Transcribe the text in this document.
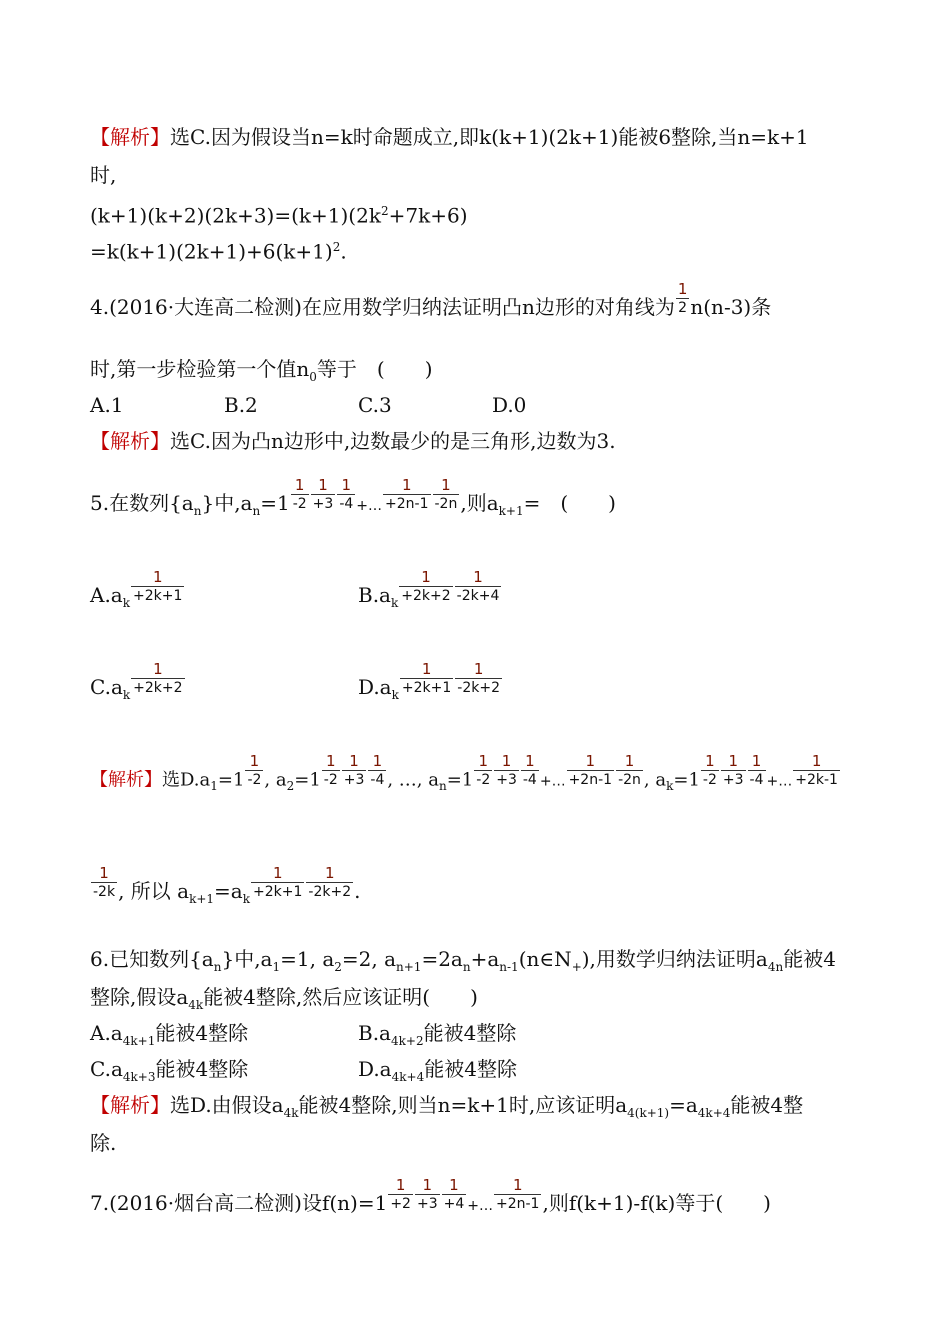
【解析】选C.因为假设当n=k时命题成立,即k(k+1)(2k+1)能被6整除,当n=k+1
时,
$(k+1)(k+2)(2k+3)=(k+1)(2k^2+7k+6)$
$=k(k+1)(2k+1)+6(k+1)^2$.
4.(2016·大连高二检测)在应用数学归纳法证明凸n边形的对角线为 $\frac{1}{2} n(n-3)$条
时,第一步检验第一个值$n_0$等于　(　　)
A.1	B.2	C.3	D.0
【解析】选C.因为凸n边形中,边数最少的是三角形,边数为3.
5.在数列$\{a_n\}$中$,a_n=1 \frac{1}{-2} \frac{1}{+3} \frac{1}{-4}$ +… $\frac{1}{+2n-1} \frac{1}{-2n}$ ,则$a_{k+1}=$　(　　)
$A.a_k \frac{1}{+2k+1}$	$B.a_k \frac{1}{+2k+2} \frac{1}{-2k+4}$
$C.a_k \frac{1}{+2k+2}$	$D.a_k \frac{1}{+2k+1} \frac{1}{-2k+2}$
【解析】选$D.a_1=1 \frac{1}{-2}$ , $a_2=1 \frac{1}{-2} \frac{1}{+3} \frac{1}{-4}$ , …, $a_n=1 \frac{1}{-2} \frac{1}{+3} \frac{1}{-4}$ +… $\frac{1}{+2n-1} \frac{1}{-2n}$ , $a_k=1 \frac{1}{-2} \frac{1}{+3} \frac{1}{-4}$ +… $\frac{1}{+2k-1}$
$\frac{1}{-2k}$ , 所以 $a_{k+1}=a_k \frac{1}{+2k+1} \frac{1}{-2k+2}$ .
6.已知数列$\{a_n\}$中$,a_1=1$, $a_2=2$, $a_{n+1}=2a_n+a_{n-1}(n\in N_+)$,用数学归纳法证明$a_{4n}$能被4
整除,假设$a_{4k}$能被4整除,然后应该证明(　　)
$A.a_{4k+1}$能被4整除	$B.a_{4k+2}$能被4整除
$C.a_{4k+3}$能被4整除	$D.a_{4k+4}$能被4整除
【解析】选D.由假设$a_{4k}$能被4整除,则当n=k+1时,应该证明$a_{4(k+1)}=a_{4k+4}$能被4整
除.
7.(2016·烟台高二检测)设$f(n)=1 \frac{1}{+2} \frac{1}{+3} \frac{1}{+4}$ +… $\frac{1}{+2n-1}$ ,则f(k+1)-f(k)等于(　　)
